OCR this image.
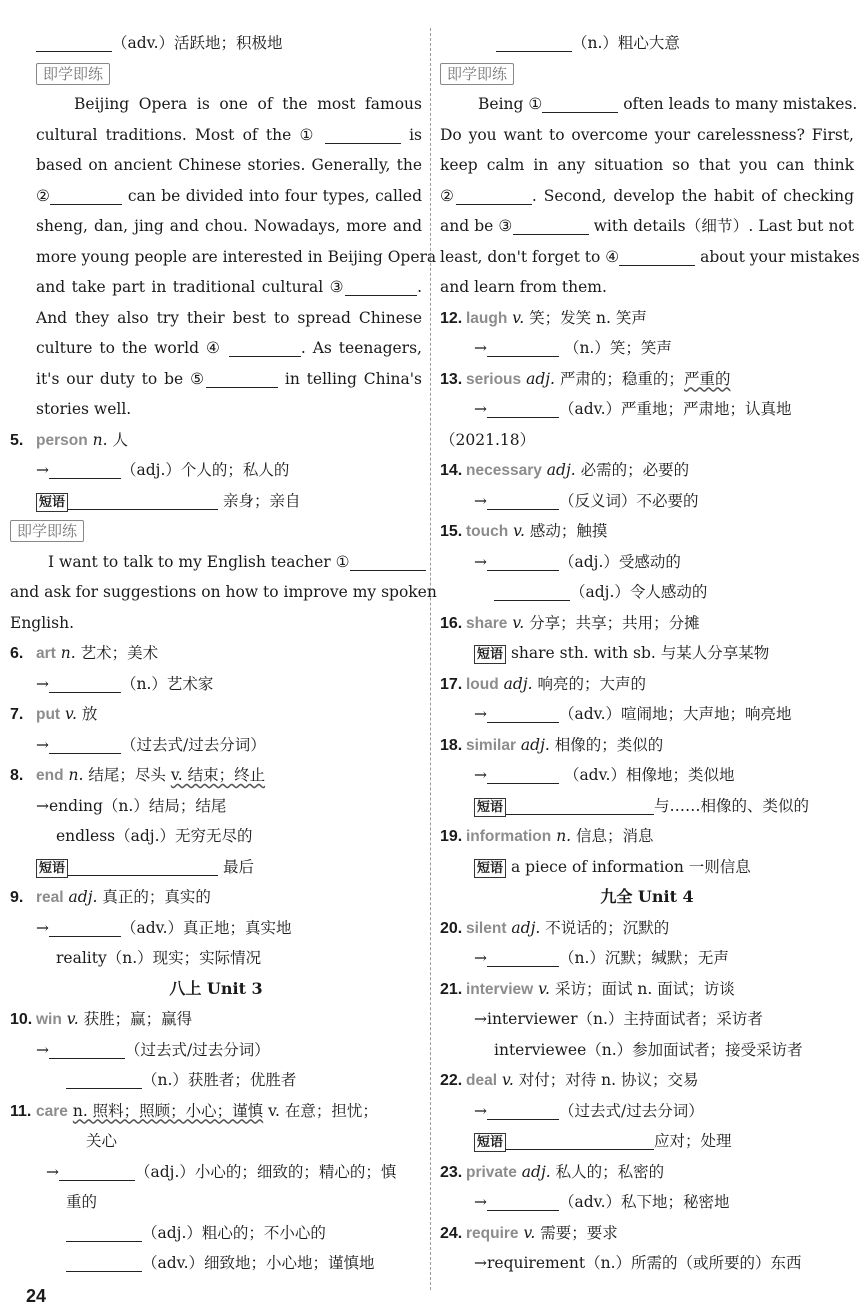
（adv.）活跃地；积极地
即学即练
Beijing Opera is one of the most famous
cultural traditions. Most of the ①	is
based on ancient Chinese stories. Generally, the
②	can be divided into four types, called
sheng, dan, jing and chou. Nowadays, more and
more young people are interested in Beijing Opera
and take part in traditional cultural ③	.
And they also try their best to spread Chinese
culture to the world ④	. As teenagers,
it's our duty to be ⑤	in telling China's
stories well.
5. person n. 人
→	（adj.）个人的；私人的
短语	亲身；亲自
即学即练
I want to talk to my English teacher ①
and ask for suggestions on how to improve my spoken
English.
6. art n. 艺术；美术
→	（n.）艺术家
7. put v. 放
→	（过去式/过去分词）
8. end n. 结尾；尽头 v. 结束；终止
→ending（n.）结局；结尾
endless（adj.）无穷无尽的
短语	最后
9. real adj. 真正的；真实的
→	（adv.）真正地；真实地
reality（n.）现实；实际情况
八上 Unit 3
10. win v. 获胜；赢；赢得
→	（过去式/过去分词）
（n.）获胜者；优胜者
11. care n. 照料；照顾；小心；谨慎 v. 在意；担忧；
关心
→	（adj.）小心的；细致的；精心的；慎
重的
（adj.）粗心的；不小心的
（adv.）细致地；小心地；谨慎地
（n.）粗心大意
即学即练
Being ①	often leads to many mistakes.
Do you want to overcome your carelessness? First,
keep calm in any situation so that you can think
②	. Second, develop the habit of checking
and be ③	with details（细节）. Last but not
least, don't forget to ④	about your mistakes
and learn from them.
12. laugh v. 笑；发笑 n. 笑声
→	（n.）笑；笑声
13. serious adj. 严肃的；稳重的；严重的
→	（adv.）严重地；严肃地；认真地
（2021.18）
14. necessary adj. 必需的；必要的
→	（反义词）不必要的
15. touch v. 感动；触摸
→	（adj.）受感动的
（adj.）令人感动的
16. share v. 分享；共享；共用；分摊
短语 share sth. with sb. 与某人分享某物
17. loud adj. 响亮的；大声的
→	（adv.）喧闹地；大声地；响亮地
18. similar adj. 相像的；类似的
→	（adv.）相像地；类似地
短语	与……相像的、类似的
19. information n. 信息；消息
短语 a piece of information 一则信息
九全 Unit 4
20. silent adj. 不说话的；沉默的
→	（n.）沉默；缄默；无声
21. interview v. 采访；面试 n. 面试；访谈
→interviewer（n.）主持面试者；采访者
interviewee（n.）参加面试者；接受采访者
22. deal v. 对付；对待 n. 协议；交易
→	（过去式/过去分词）
短语	应对；处理
23. private adj. 私人的；私密的
→	（adv.）私下地；秘密地
24. require v. 需要；要求
→requirement（n.）所需的（或所要的）东西
24
